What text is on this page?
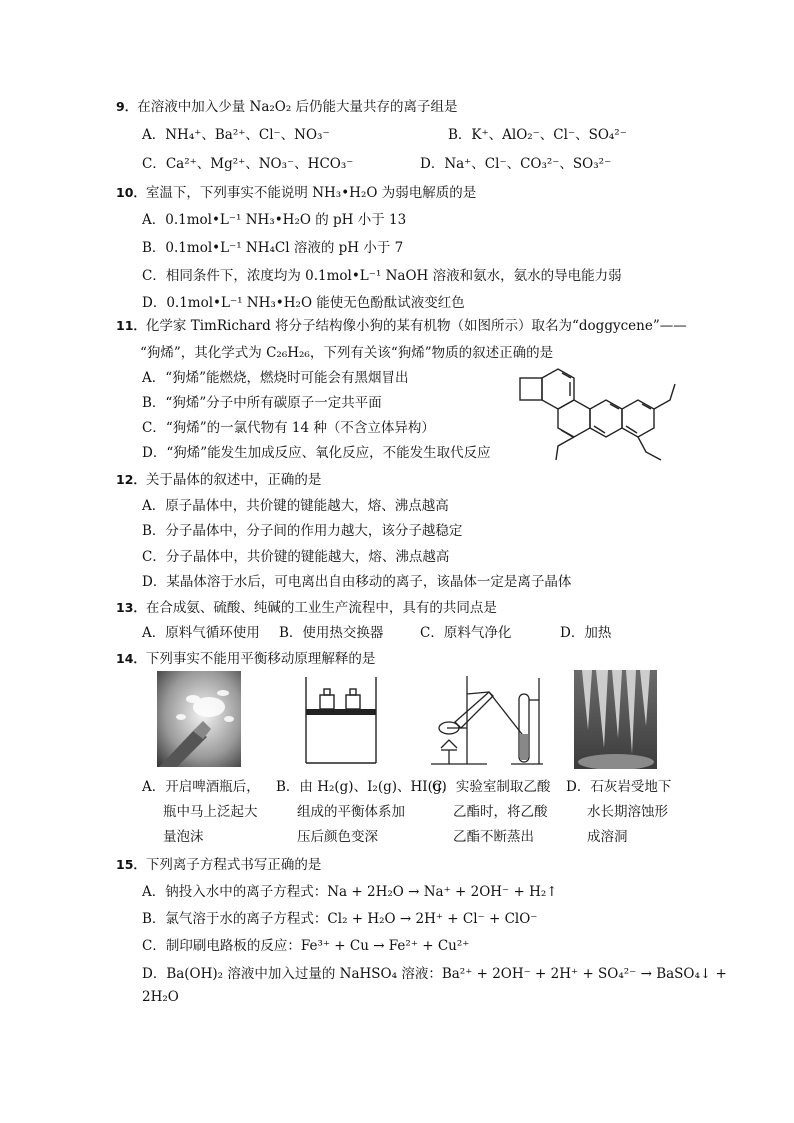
9．在溶液中加入少量 Na₂O₂ 后仍能大量共存的离子组是
A．NH₄⁺、Ba²⁺、Cl⁻、NO₃⁻	B．K⁺、AlO₂⁻、Cl⁻、SO₄²⁻
C．Ca²⁺、Mg²⁺、NO₃⁻、HCO₃⁻	D．Na⁺、Cl⁻、CO₃²⁻、SO₃²⁻
10．室温下，下列事实不能说明 NH₃•H₂O 为弱电解质的是
A．0.1mol•L⁻¹ NH₃•H₂O 的 pH 小于 13
B．0.1mol•L⁻¹ NH₄Cl 溶液的 pH 小于 7
C．相同条件下，浓度均为 0.1mol•L⁻¹ NaOH 溶液和氨水，氨水的导电能力弱
D．0.1mol•L⁻¹ NH₃•H₂O 能使无色酚酞试液变红色
11．化学家 TimRichard 将分子结构像小狗的某有机物（如图所示）取名为“doggycene”——
“狗烯”，其化学式为 C₂₆H₂₆，下列有关该“狗烯”物质的叙述正确的是
A．“狗烯”能燃烧，燃烧时可能会有黑烟冒出
B．“狗烯”分子中所有碳原子一定共平面
C．“狗烯”的一氯代物有 14 种（不含立体异构）
D．“狗烯”能发生加成反应、氧化反应，不能发生取代反应
12．关于晶体的叙述中，正确的是
A．原子晶体中，共价键的键能越大，熔、沸点越高
B．分子晶体中，分子间的作用力越大，该分子越稳定
C．分子晶体中，共价键的键能越大，熔、沸点越高
D．某晶体溶于水后，可电离出自由移动的离子，该晶体一定是离子晶体
13．在合成氨、硫酸、纯碱的工业生产流程中，具有的共同点是
A．原料气循环使用 B．使用热交换器	C．原料气净化	D．加热
14．下列事实不能用平衡移动原理解释的是
A．开启啤酒瓶后，
瓶中马上泛起大
量泡沫
B．由 H₂(g)、I₂(g)、HI(g)
组成的平衡体系加
压后颜色变深
C．实验室制取乙酸
乙酯时，将乙酸
乙酯不断蒸出
D．石灰岩受地下
水长期溶蚀形
成溶洞
15．下列离子方程式书写正确的是
A．钠投入水中的离子方程式：Na + 2H₂O → Na⁺ + 2OH⁻ + H₂↑
B．氯气溶于水的离子方程式：Cl₂ + H₂O → 2H⁺ + Cl⁻ + ClO⁻
C．制印刷电路板的反应：Fe³⁺ + Cu → Fe²⁺ + Cu²⁺
D．Ba(OH)₂ 溶液中加入过量的 NaHSO₄ 溶液：Ba²⁺ + 2OH⁻ + 2H⁺ + SO₄²⁻ → BaSO₄↓ +
2H₂O
